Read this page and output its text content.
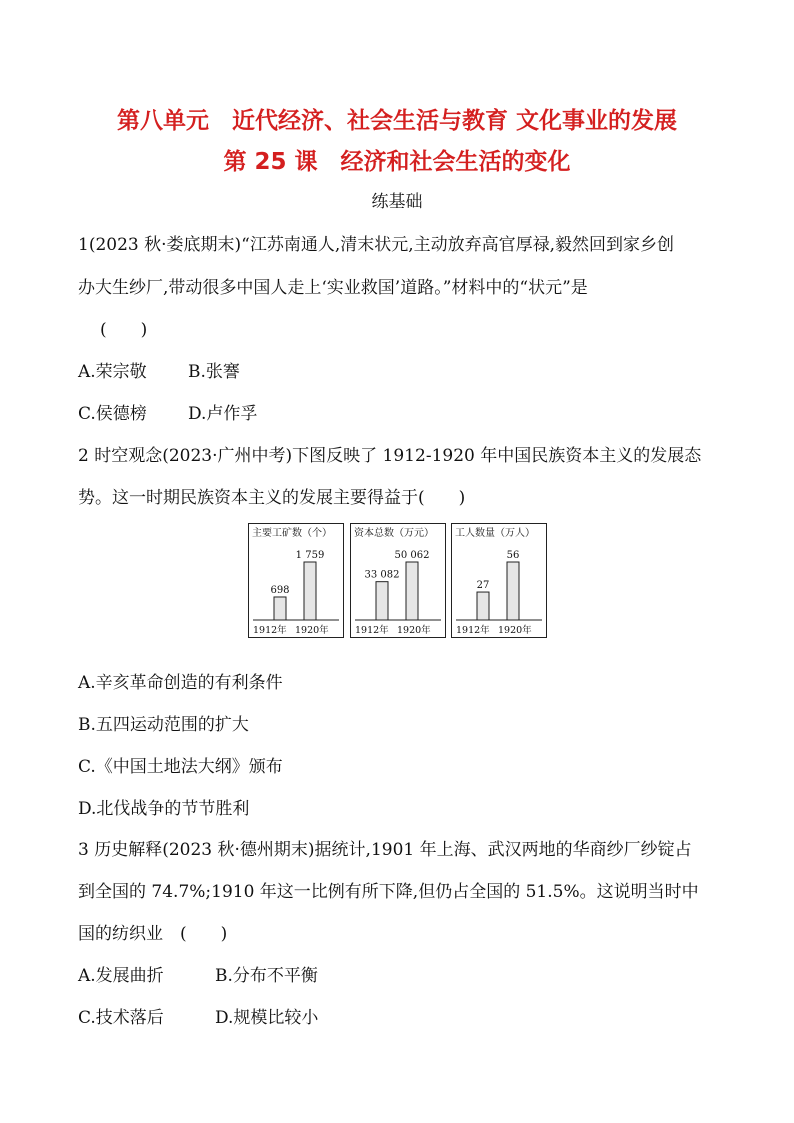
第八单元　近代经济、社会生活与教育 文化事业的发展
第 25 课　经济和社会生活的变化
练基础
1(2023 秋·娄底期末)“江苏南通人,清末状元,主动放弃高官厚禄,毅然回到家乡创
办大生纱厂,带动很多中国人走上‘实业救国’道路。”材料中的“状元”是
(　　)
A.荣宗敬 B.张謇
C.侯德榜 D.卢作孚
2 时空观念(2023·广州中考)下图反映了 1912-1920 年中国民族资本主义的发展态
势。这一时期民族资本主义的发展主要得益于(　　)
主要工矿数（个）
698
1 759
1912年 1920年
资本总数（万元）
33 082
50 062
1912年 1920年
工人数量（万人）
27
56
1912年 1920年
A.辛亥革命创造的有利条件
B.五四运动范围的扩大
C.《中国土地法大纲》颁布
D.北伐战争的节节胜利
3 历史解释(2023 秋·德州期末)据统计,1901 年上海、武汉两地的华商纱厂纱锭占
到全国的 74.7%;1910 年这一比例有所下降,但仍占全国的 51.5%。这说明当时中
国的纺织业　(　　)
A.发展曲折	B.分布不平衡
C.技术落后	D.规模比较小
